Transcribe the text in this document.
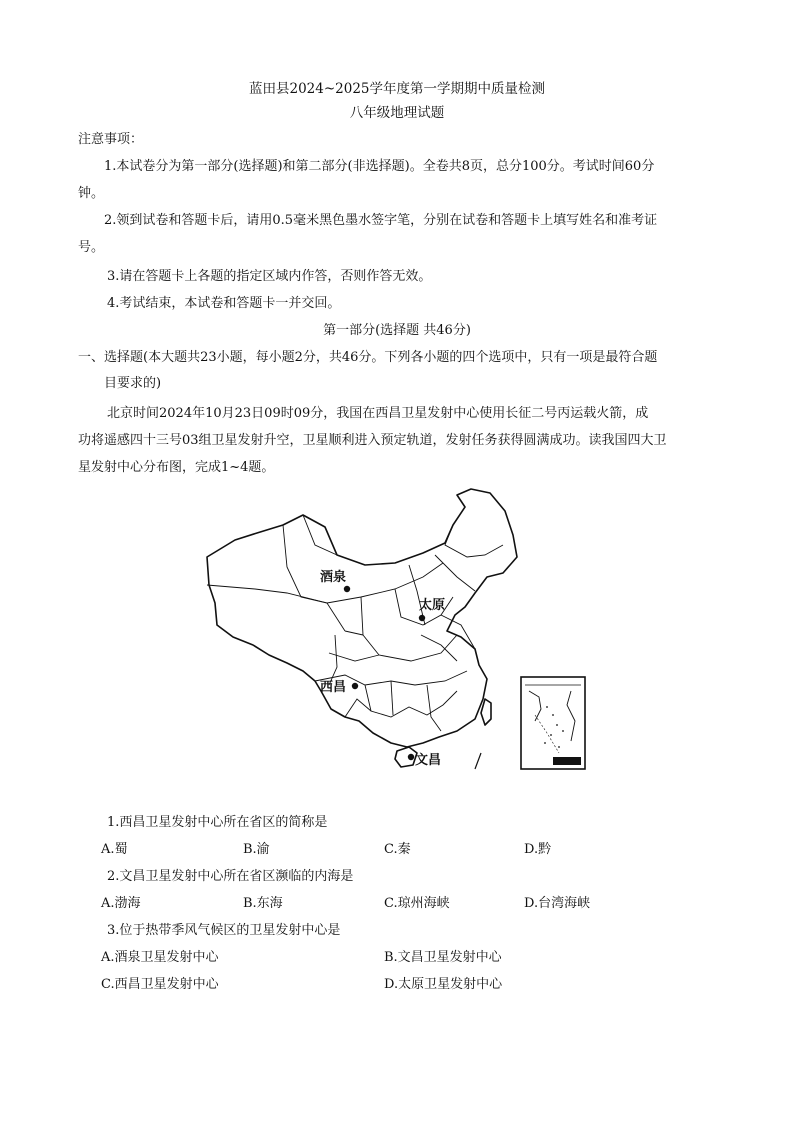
蓝田县2024~2025学年度第一学期期中质量检测
八年级地理试题
注意事项：
1.本试卷分为第一部分(选择题)和第二部分(非选择题)。全卷共8页，总分100分。考试时间60分
钟。
2.领到试卷和答题卡后，请用0.5毫米黑色墨水签字笔，分别在试卷和答题卡上填写姓名和准考证
号。
3.请在答题卡上各题的指定区域内作答，否则作答无效。
4.考试结束，本试卷和答题卡一并交回。
第一部分(选择题 共46分)
一、选择题(本大题共23小题，每小题2分，共46分。下列各小题的四个选项中，只有一项是最符合题
目要求的)
北京时间2024年10月23日09时09分，我国在西昌卫星发射中心使用长征二号丙运载火箭，成
功将遥感四十三号03组卫星发射升空，卫星顺利进入预定轨道，发射任务获得圆满成功。读我国四大卫
星发射中心分布图，完成1~4题。
酒泉
太原
西昌
文昌
1.西昌卫星发射中心所在省区的简称是
A.蜀	B.渝	C.秦	D.黔
2.文昌卫星发射中心所在省区濒临的内海是
A.渤海	B.东海	C.琼州海峡	D.台湾海峡
3.位于热带季风气候区的卫星发射中心是
A.酒泉卫星发射中心	B.文昌卫星发射中心
C.西昌卫星发射中心	D.太原卫星发射中心
